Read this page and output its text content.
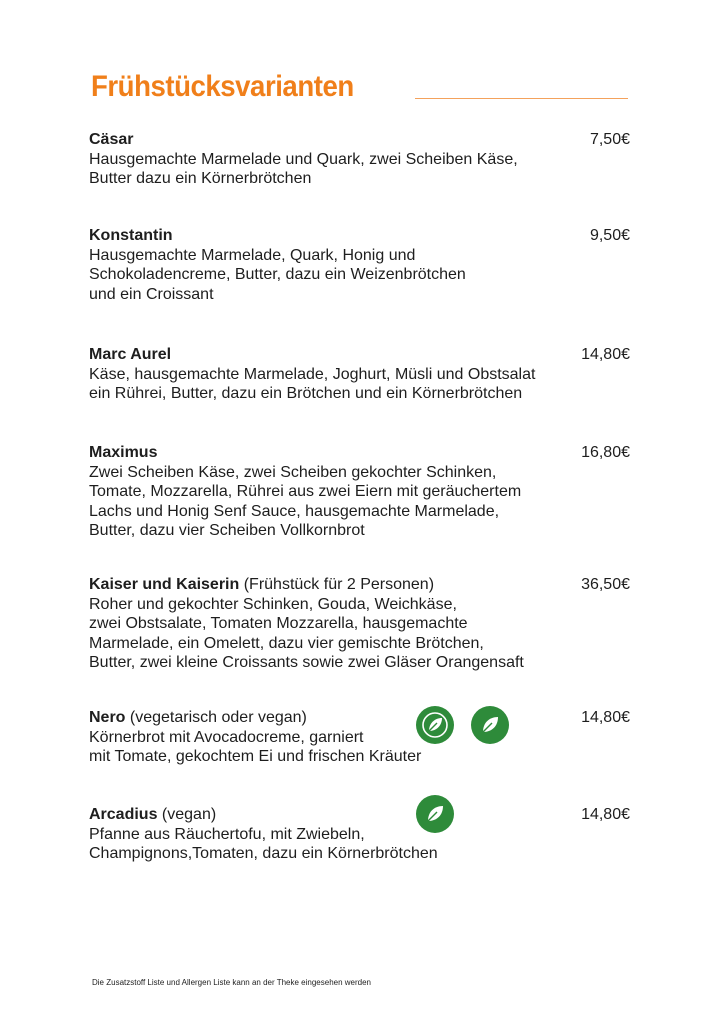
Frühstücksvarianten
Cäsar	7,50€
Hausgemachte Marmelade und Quark, zwei Scheiben Käse,
Butter dazu ein Körnerbrötchen
Konstantin	9,50€
Hausgemachte Marmelade, Quark, Honig und
Schokoladencreme, Butter, dazu ein Weizenbrötchen
und ein Croissant
Marc Aurel	14,80€
Käse, hausgemachte Marmelade, Joghurt, Müsli und Obstsalat
ein Rührei, Butter, dazu ein Brötchen und ein Körnerbrötchen
Maximus	16,80€
Zwei Scheiben Käse, zwei Scheiben gekochter Schinken,
Tomate, Mozzarella, Rührei aus zwei Eiern mit geräuchertem
Lachs und Honig Senf Sauce, hausgemachte Marmelade,
Butter, dazu vier Scheiben Vollkornbrot
Kaiser und Kaiserin (Frühstück für 2 Personen)	36,50€
Roher und gekochter Schinken, Gouda, Weichkäse,
zwei Obstsalate, Tomaten Mozzarella, hausgemachte
Marmelade, ein Omelett, dazu vier gemischte Brötchen,
Butter, zwei kleine Croissants sowie zwei Gläser Orangensaft
Nero (vegetarisch oder vegan)	14,80€
Körnerbrot mit Avocadocreme, garniert
mit Tomate, gekochtem Ei und frischen Kräuter
Arcadius (vegan)	14,80€
Pfanne aus Räuchertofu, mit Zwiebeln,
Champignons,Tomaten, dazu ein Körnerbrötchen
Die Zusatzstoff Liste und Allergen Liste kann an der Theke eingesehen werden
